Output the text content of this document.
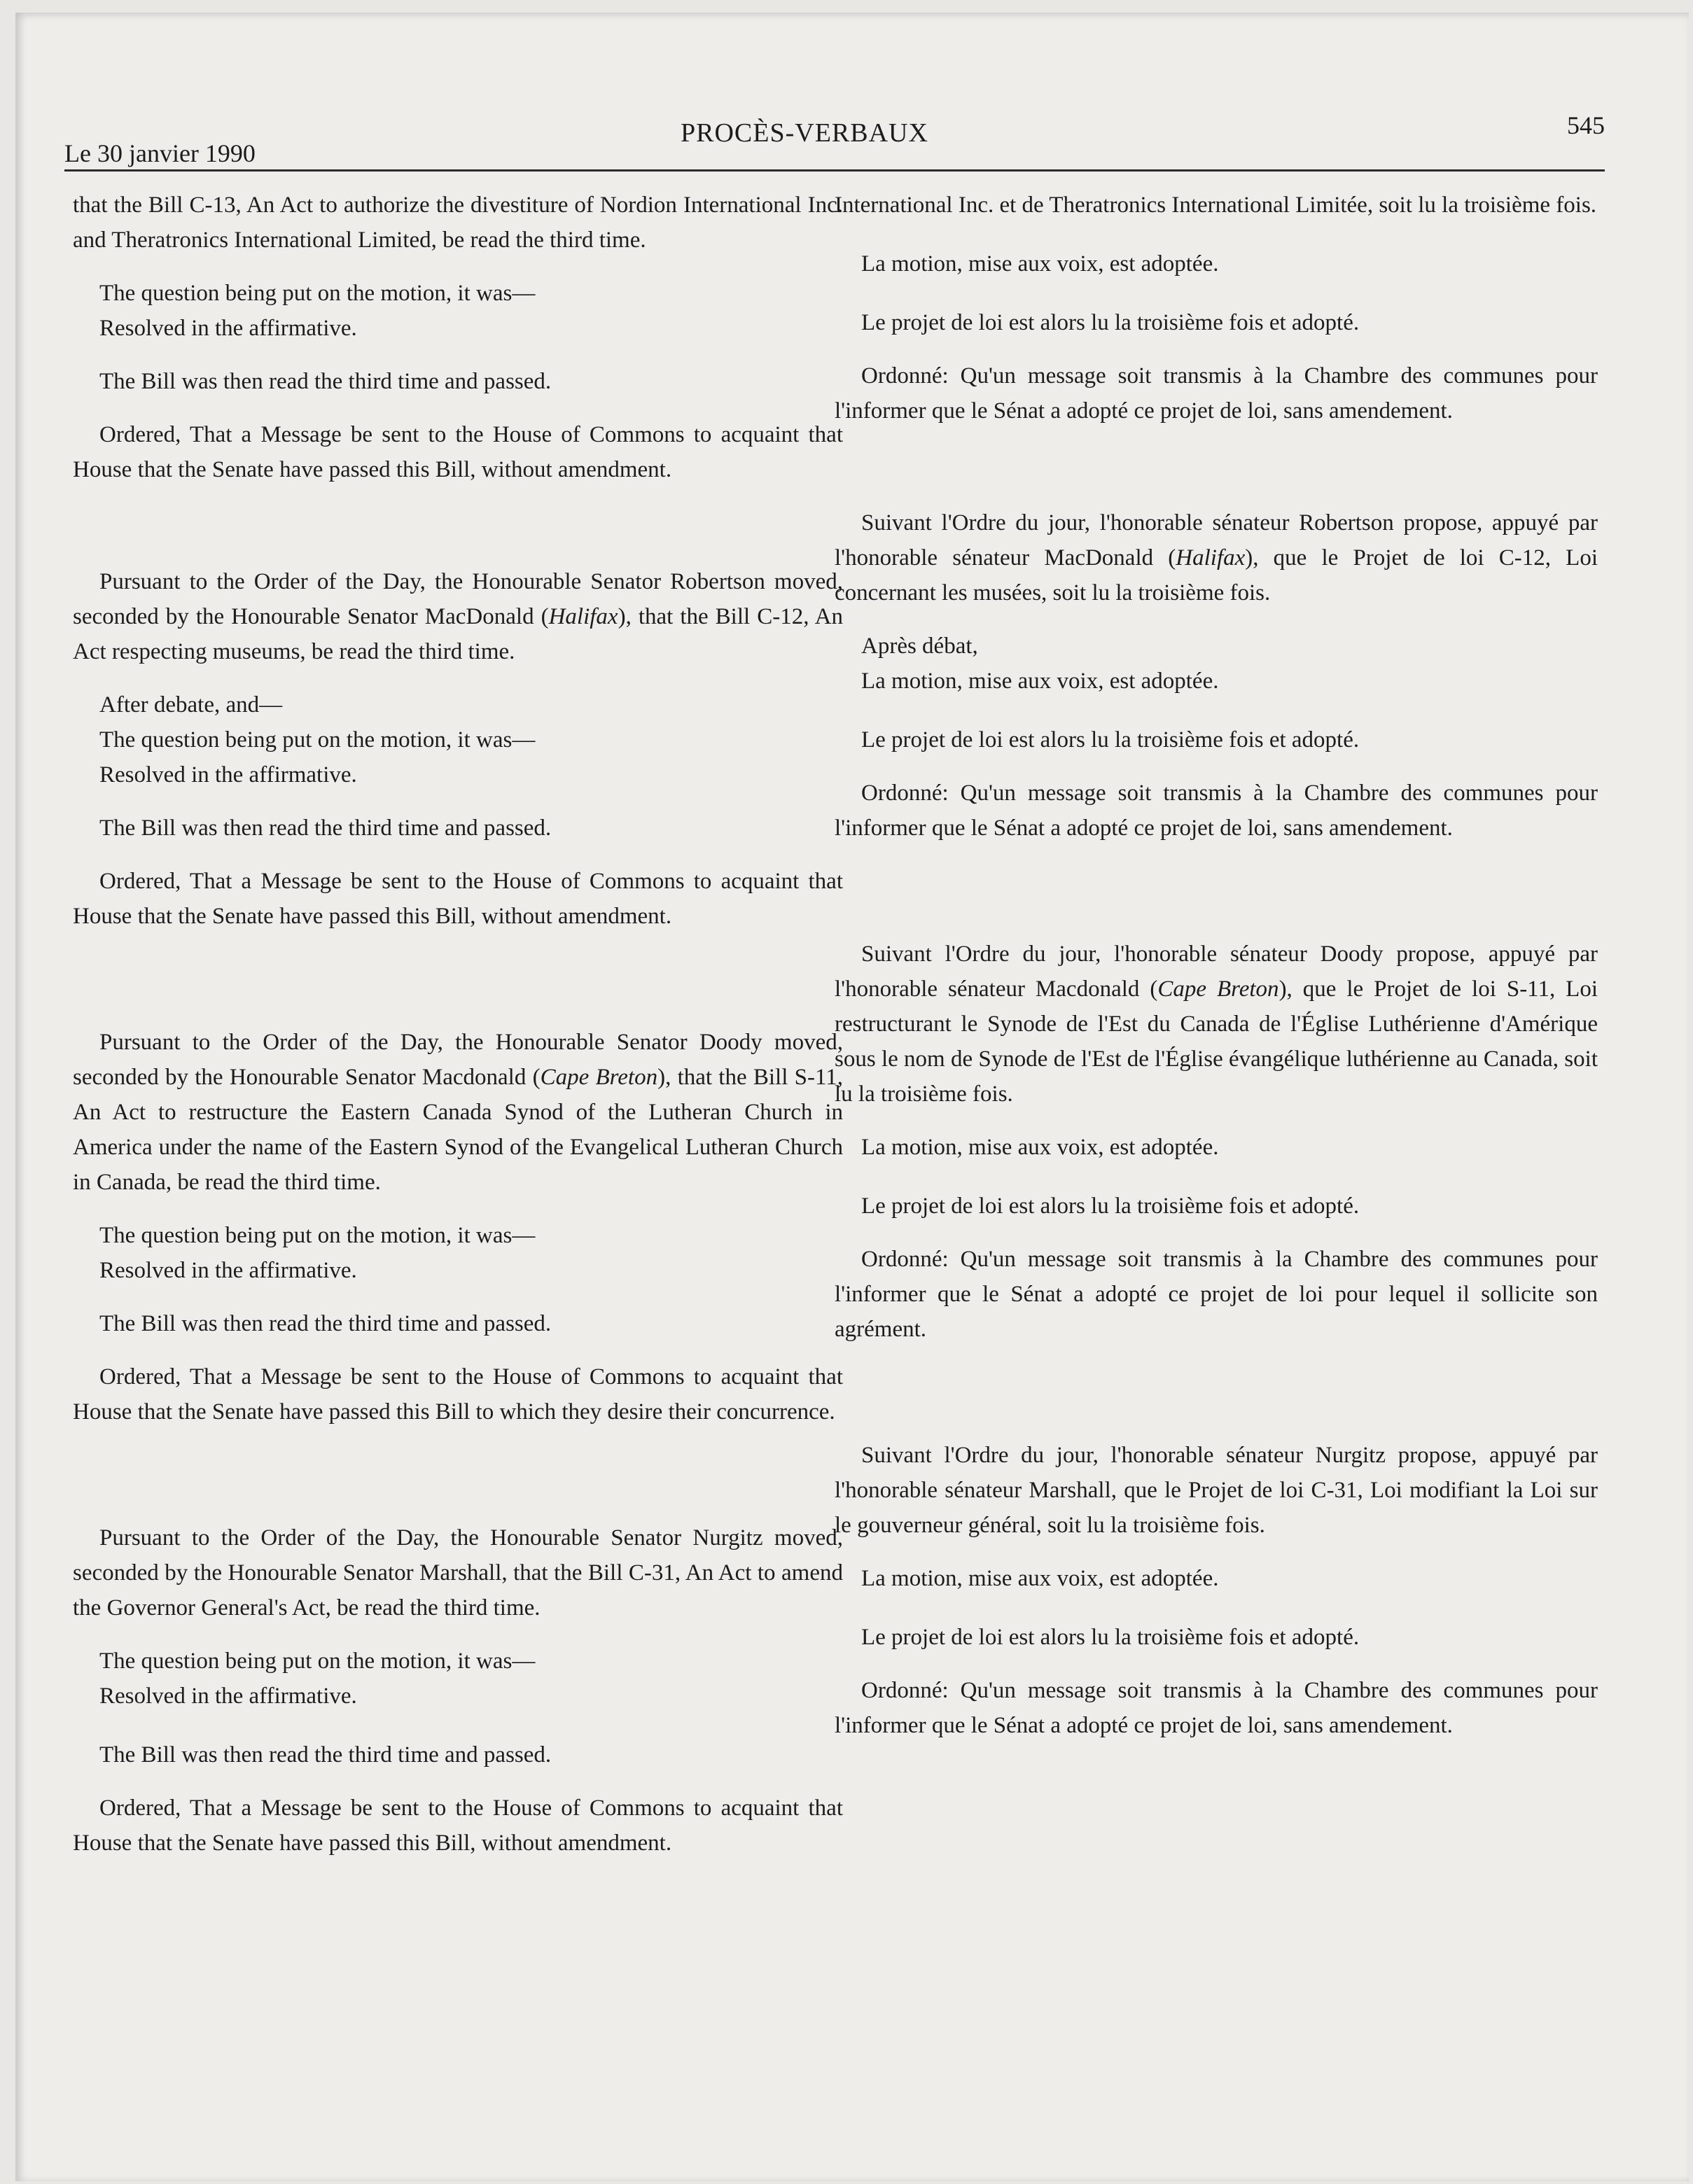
Le 30 janvier 1990
PROCÈS-VERBAUX	545

that the Bill C-13, An Act to authorize the divestiture of Nordion International Inc. and Theratronics International Limited, be read the third time.

The question being put on the motion, it was—

Resolved in the affirmative.

The Bill was then read the third time and passed.

Ordered, That a Message be sent to the House of Commons to acquaint that House that the Senate have passed this Bill, without amendment.

Pursuant to the Order of the Day, the Honourable Senator Robertson moved, seconded by the Honourable Senator MacDonald (Halifax), that the Bill C-12, An Act respecting museums, be read the third time.

After debate, and—

The question being put on the motion, it was—

Resolved in the affirmative.

The Bill was then read the third time and passed.

Ordered, That a Message be sent to the House of Commons to acquaint that House that the Senate have passed this Bill, without amendment.

Pursuant to the Order of the Day, the Honourable Senator Doody moved, seconded by the Honourable Senator Macdonald (Cape Breton), that the Bill S-11, An Act to restructure the Eastern Canada Synod of the Lutheran Church in America under the name of the Eastern Synod of the Evangelical Lutheran Church in Canada, be read the third time.

The question being put on the motion, it was—

Resolved in the affirmative.

The Bill was then read the third time and passed.

Ordered, That a Message be sent to the House of Commons to acquaint that House that the Senate have passed this Bill to which they desire their concurrence.

Pursuant to the Order of the Day, the Honourable Senator Nurgitz moved, seconded by the Honourable Senator Marshall, that the Bill C-31, An Act to amend the Governor General's Act, be read the third time.

The question being put on the motion, it was—

Resolved in the affirmative.

The Bill was then read the third time and passed.

Ordered, That a Message be sent to the House of Commons to acquaint that House that the Senate have passed this Bill, without amendment.

International Inc. et de Theratronics International Limitée, soit lu la troisième fois.

La motion, mise aux voix, est adoptée.

Le projet de loi est alors lu la troisième fois et adopté.

Ordonné: Qu'un message soit transmis à la Chambre des communes pour l'informer que le Sénat a adopté ce projet de loi, sans amendement.

Suivant l'Ordre du jour, l'honorable sénateur Robertson propose, appuyé par l'honorable sénateur MacDonald (Halifax), que le Projet de loi C-12, Loi concernant les musées, soit lu la troisième fois.

Après débat,

La motion, mise aux voix, est adoptée.

Le projet de loi est alors lu la troisième fois et adopté.

Ordonné: Qu'un message soit transmis à la Chambre des communes pour l'informer que le Sénat a adopté ce projet de loi, sans amendement.

Suivant l'Ordre du jour, l'honorable sénateur Doody propose, appuyé par l'honorable sénateur Macdonald (Cape Breton), que le Projet de loi S-11, Loi restructurant le Synode de l'Est du Canada de l'Église Luthérienne d'Amérique sous le nom de Synode de l'Est de l'Église évangélique luthérienne au Canada, soit lu la troisième fois.

La motion, mise aux voix, est adoptée.

Le projet de loi est alors lu la troisième fois et adopté.

Ordonné: Qu'un message soit transmis à la Chambre des communes pour l'informer que le Sénat a adopté ce projet de loi pour lequel il sollicite son agrément.

Suivant l'Ordre du jour, l'honorable sénateur Nurgitz propose, appuyé par l'honorable sénateur Marshall, que le Projet de loi C-31, Loi modifiant la Loi sur le gouverneur général, soit lu la troisième fois.

La motion, mise aux voix, est adoptée.

Le projet de loi est alors lu la troisième fois et adopté.

Ordonné: Qu'un message soit transmis à la Chambre des communes pour l'informer que le Sénat a adopté ce projet de loi, sans amendement.
